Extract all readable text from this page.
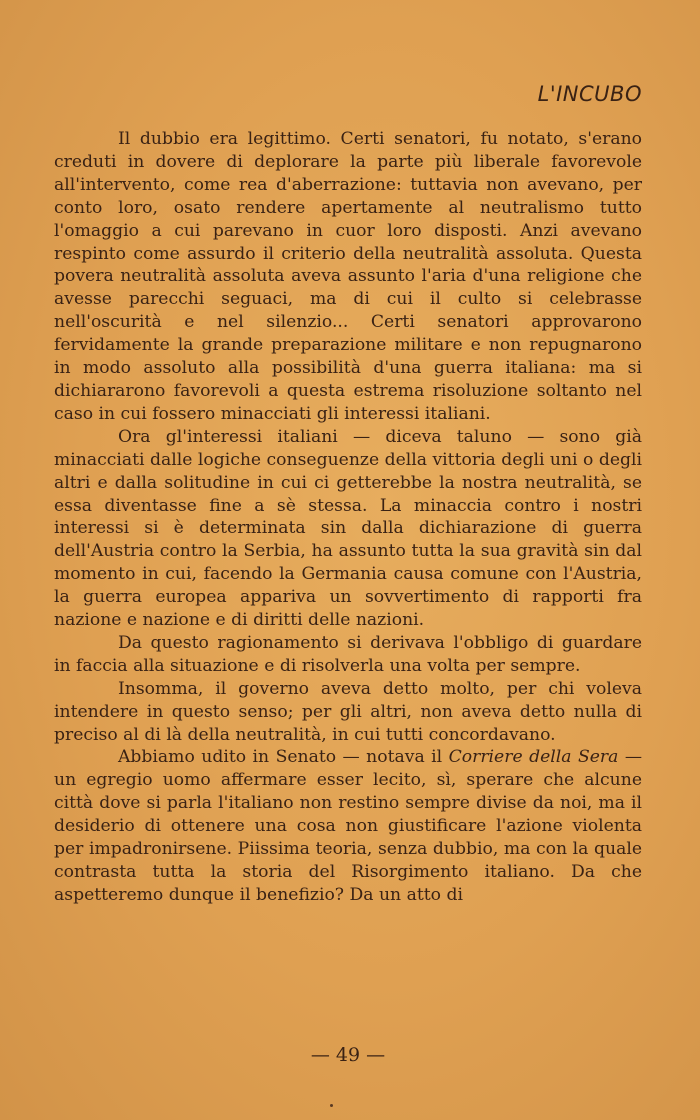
L'INCUBO

Il dubbio era legittimo. Certi senatori, fu notato, s'erano creduti in dovere di deplorare la parte più liberale favorevole all'intervento, come rea d'aberrazione: tuttavia non avevano, per conto loro, osato rendere apertamente al neutralismo tutto l'omaggio a cui parevano in cuor loro disposti. Anzi avevano respinto come assurdo il criterio della neutralità assoluta. Questa povera neutralità assoluta aveva assunto l'aria d'una religione che avesse parecchi seguaci, ma di cui il culto si celebrasse nell'oscurità e nel silenzio... Certi senatori approvarono fervidamente la grande preparazione militare e non repugnarono in modo assoluto alla possibilità d'una guerra italiana: ma si dichiararono favorevoli a questa estrema risoluzione soltanto nel caso in cui fossero minacciati gli interessi italiani.

Ora gl'interessi italiani — diceva taluno — sono già minacciati dalle logiche conseguenze della vittoria degli uni o degli altri e dalla solitudine in cui ci getterebbe la nostra neutralità, se essa diventasse fine a sè stessa. La minaccia contro i nostri interessi si è determinata sin dalla dichiarazione di guerra dell'Austria contro la Serbia, ha assunto tutta la sua gravità sin dal momento in cui, facendo la Germania causa comune con l'Austria, la guerra europea appariva un sovvertimento di rapporti fra nazione e nazione e di diritti delle nazioni.

Da questo ragionamento si derivava l'obbligo di guardare in faccia alla situazione e di risolverla una volta per sempre.

Insomma, il governo aveva detto molto, per chi voleva intendere in questo senso; per gli altri, non aveva detto nulla di preciso al di là della neutralità, in cui tutti concordavano.

Abbiamo udito in Senato — notava il Corriere della Sera — un egregio uomo affermare esser lecito, sì, sperare che alcune città dove si parla l'italiano non restino sempre divise da noi, ma il desiderio di ottenere una cosa non giustificare l'azione violenta per impadronirsene. Piissima teoria, senza dubbio, ma con la quale contrasta tutta la storia del Risorgimento italiano. Da che aspetteremo dunque il benefizio? Da un atto di

— 49 —
